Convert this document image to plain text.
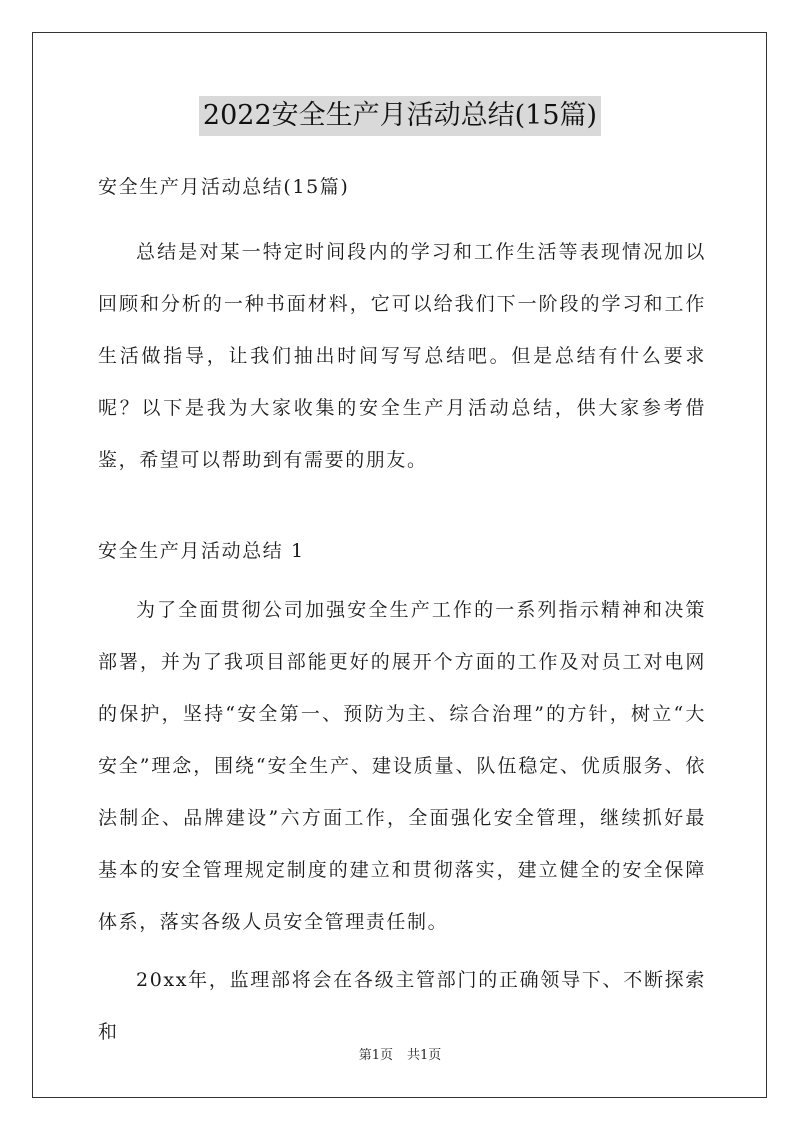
2022安全生产月活动总结(15篇)

安全生产月活动总结(15篇)

总结是对某一特定时间段内的学习和工作生活等表现情况加以回顾和分析的一种书面材料，它可以给我们下一阶段的学习和工作生活做指导，让我们抽出时间写写总结吧。但是总结有什么要求呢？以下是我为大家收集的安全生产月活动总结，供大家参考借鉴，希望可以帮助到有需要的朋友。

安全生产月活动总结 1

为了全面贯彻公司加强安全生产工作的一系列指示精神和决策部署，并为了我项目部能更好的展开个方面的工作及对员工对电网的保护，坚持“安全第一、预防为主、综合治理”的方针，树立“大安全”理念，围绕“安全生产、建设质量、队伍稳定、优质服务、依法制企、品牌建设”六方面工作，全面强化安全管理，继续抓好最基本的安全管理规定制度的建立和贯彻落实，建立健全的安全保障体系，落实各级人员安全管理责任制。

20xx年，监理部将会在各级主管部门的正确领导下、不断探索和

第1页 共1页
